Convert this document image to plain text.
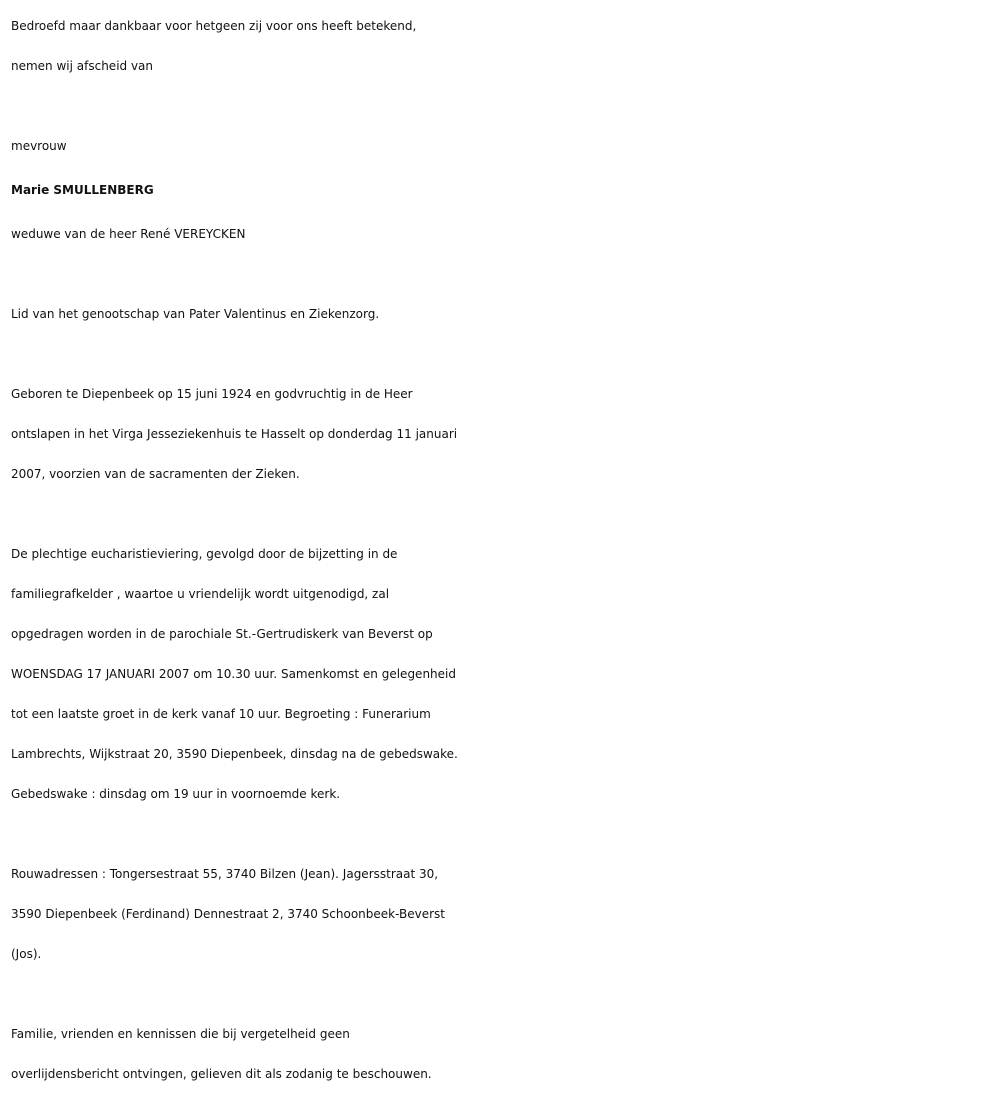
Bedroefd maar dankbaar voor hetgeen zij voor ons heeft betekend,
nemen wij afscheid van
mevrouw
Marie SMULLENBERG
weduwe van de heer René VEREYCKEN
Lid van het genootschap van Pater Valentinus en Ziekenzorg.
Geboren te Diepenbeek op 15 juni 1924 en godvruchtig in de Heer
ontslapen in het Virga Jesseziekenhuis te Hasselt op donderdag 11 januari
2007, voorzien van de sacramenten der Zieken.
De plechtige eucharistieviering, gevolgd door de bijzetting in de
familiegrafkelder , waartoe u vriendelijk wordt uitgenodigd, zal
opgedragen worden in de parochiale St.-Gertrudiskerk van Beverst op
WOENSDAG 17 JANUARI 2007 om 10.30 uur. Samenkomst en gelegenheid
tot een laatste groet in de kerk vanaf 10 uur. Begroeting : Funerarium
Lambrechts, Wijkstraat 20, 3590 Diepenbeek, dinsdag na de gebedswake.
Gebedswake : dinsdag om 19 uur in voornoemde kerk.
Rouwadressen : Tongersestraat 55, 3740 Bilzen (Jean). Jagersstraat 30,
3590 Diepenbeek (Ferdinand) Dennestraat 2, 3740 Schoonbeek-Beverst
(Jos).
Familie, vrienden en kennissen die bij vergetelheid geen
overlijdensbericht ontvingen, gelieven dit als zodanig te beschouwen.
